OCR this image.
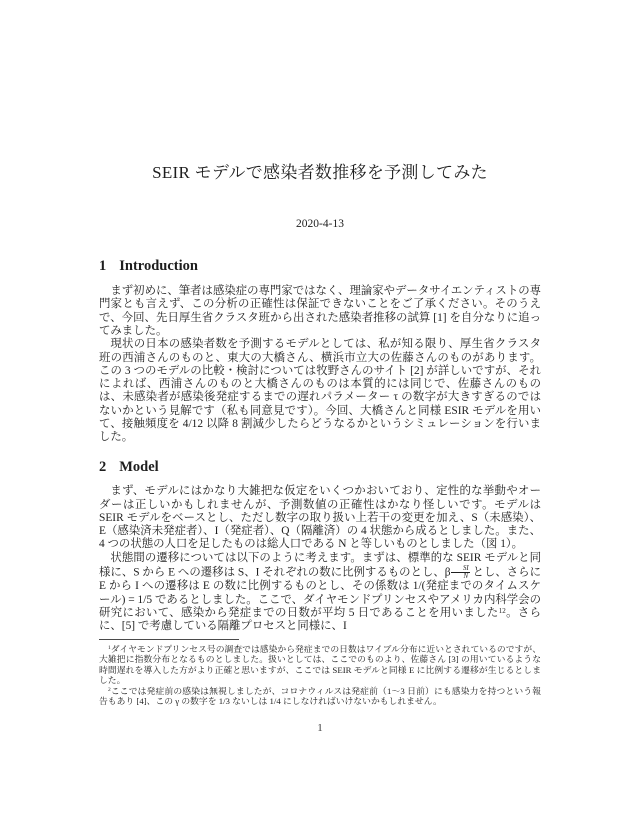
SEIR モデルで感染者数推移を予測してみた
2020-4-13
1 Introduction

まず初めに、筆者は感染症の専門家ではなく、理論家やデータサイエンティストの専門家とも言えず、この分析の正確性は保証できないことをご了承ください。そのうえで、今回、先日厚生省クラスタ班から出された感染者推移の試算 [1] を自分なりに追ってみました。

現状の日本の感染者数を予測するモデルとしては、私が知る限り、厚生省クラスタ班の西浦さんのものと、東大の大橋さん、横浜市立大の佐藤さんのものがあります。この 3 つのモデルの比較・検討については牧野さんのサイト [2] が詳しいですが、それによれば、西浦さんのものと大橋さんのものは本質的には同じで、佐藤さんのものは、未感染者が感染後発症するまでの遅れパラメーター τ の数字が大きすぎるのではないかという見解です（私も同意見です）。今回、大橋さんと同様 ESIR モデルを用いて、接触頻度を 4/12 以降 8 割減少したらどうなるかというシミュレーションを行いました。

2 Model

まず、モデルにはかなり大雑把な仮定をいくつかおいており、定性的な挙動やオーダーは正しいかもしれませんが、予測数値の正確性はかなり怪しいです。モデルは SEIR モデルをベースとし、ただし数字の取り扱い上若干の変更を加え、S（未感染）、E（感染済未発症者）、I（発症者）、Q（隔離済）の 4 状態から成るとしました。また、4 つの状態の人口を足したものは総人口である N と等しいものとしました（図 1）。

状態間の遷移については以下のように考えます。まずは、標準的な SEIR モデルと同様に、S から E への遷移は S、I それぞれの数に比例するものとし、β $\frac{SI}{N}$ とし、さらに E から I への遷移は E の数に比例するものとし、その係数は 1/(発症までのタイムスケール) = 1/5 であるとしました。ここで、ダイヤモンドプリンセスやアメリカ内科学会の研究において、感染から発症までの日数が平均 5 日であることを用いました$^{12}$。さらに、[5] で考慮している隔離プロセスと同様に、I

$^1$ダイヤモンドプリンセス号の調査では感染から発症までの日数はワイブル分布に近いとされているのですが、大雑把に指数分布となるものとしました。扱いとしては、ここでのものより、佐藤さん [3] の用いているような時間遅れを導入した方がより正確と思いますが、ここでは SEIR モデルと同様 E に比例する遷移が生じるとしました。

$^2$ここでは発症前の感染は無視しましたが、コロナウィルスは発症前（1〜3 日前）にも感染力を持つという報告もあり [4]、この γ の数字を 1/3 ないしは 1/4 にしなければいけないかもしれません。

1
